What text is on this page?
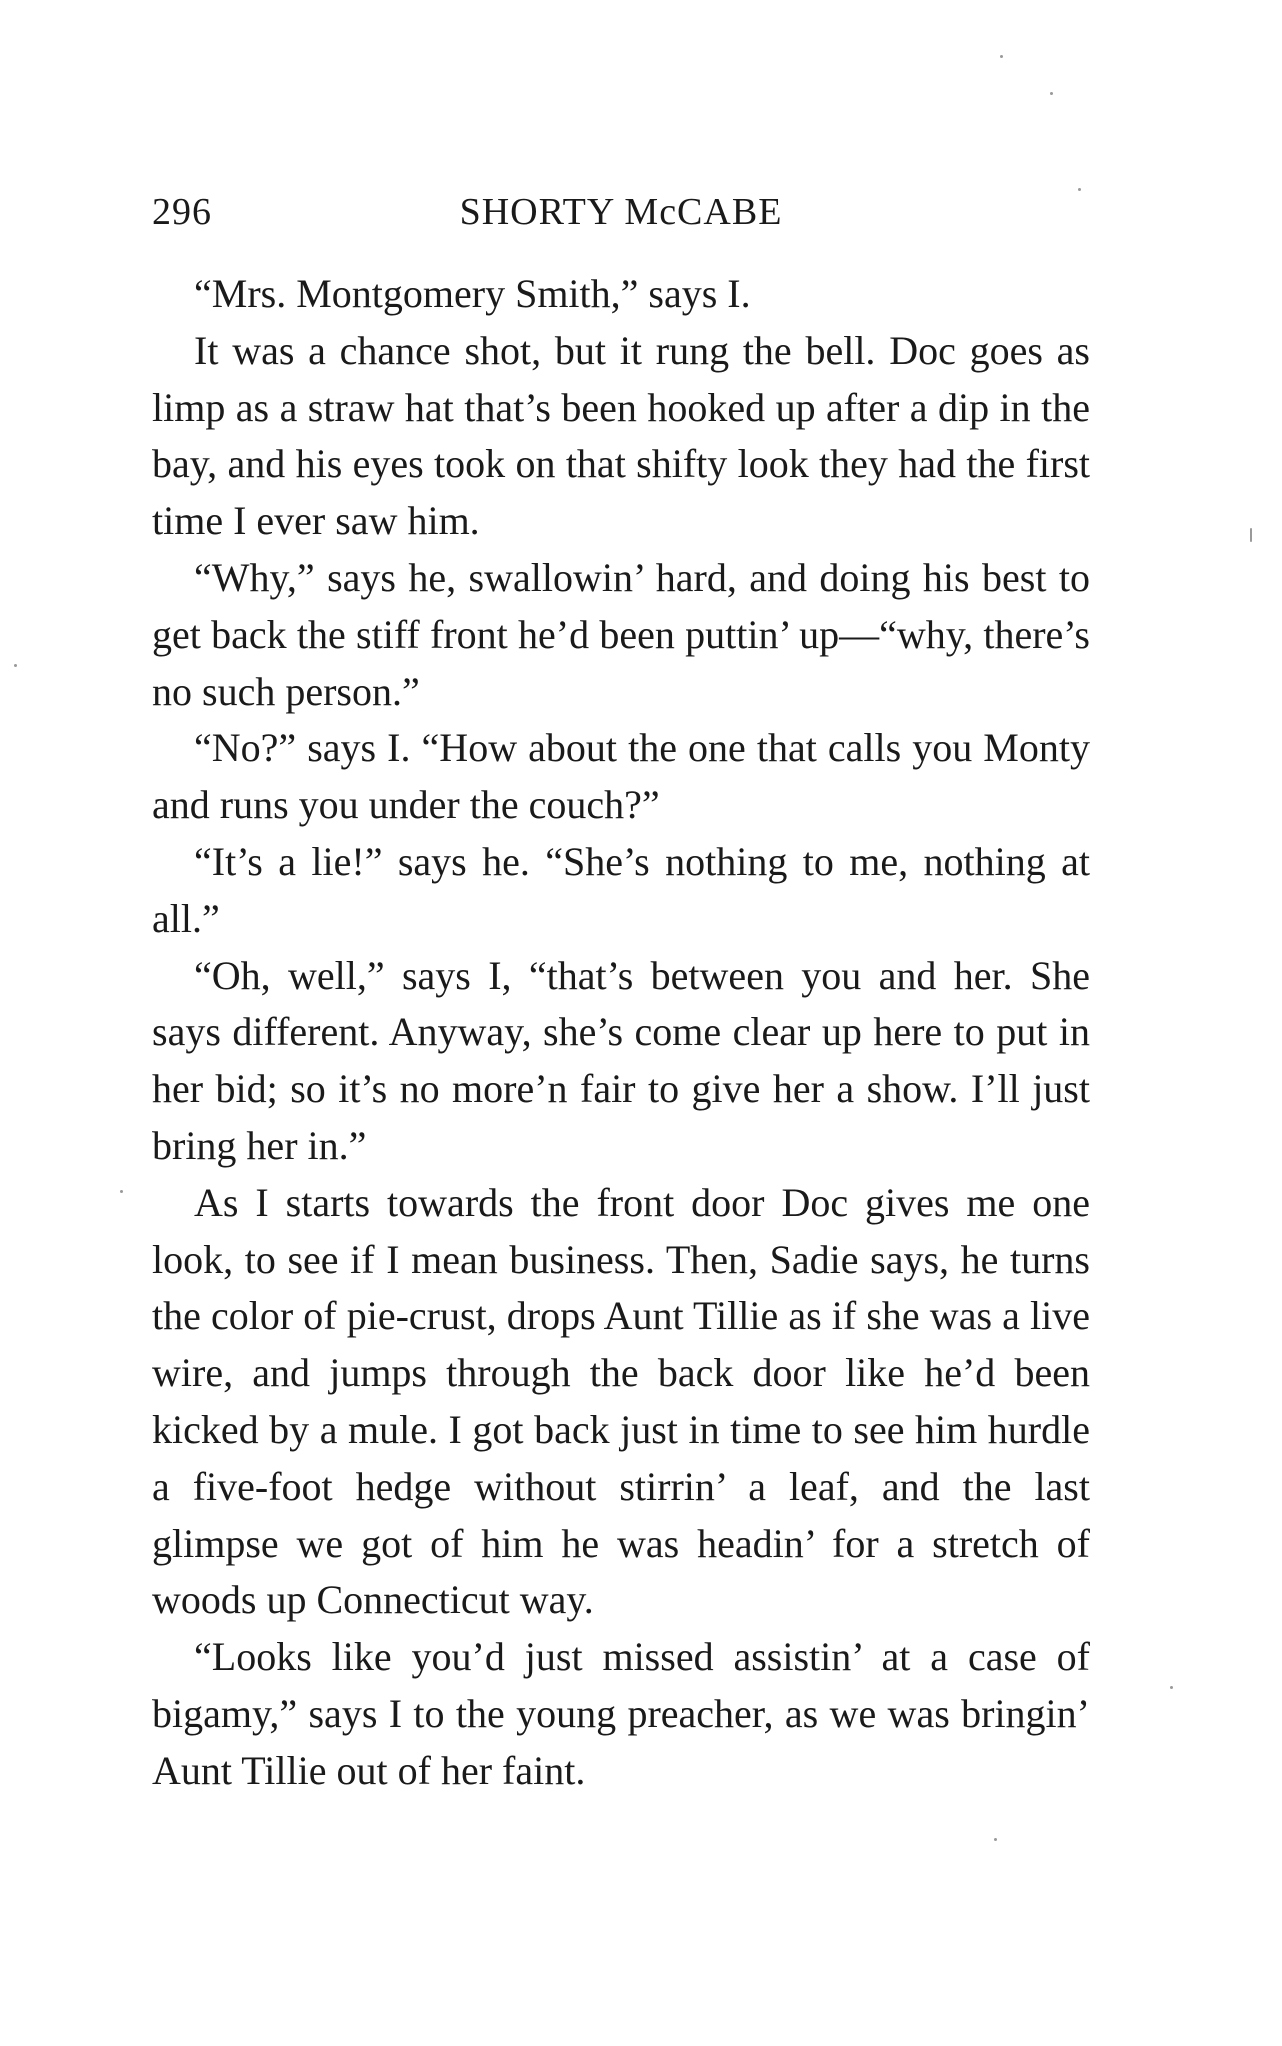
296	SHORTY McCABE

“Mrs. Montgomery Smith,” says I.

It was a chance shot, but it rung the bell. Doc goes as limp as a straw hat that’s been hooked up after a dip in the bay, and his eyes took on that shifty look they had the first time I ever saw him.

“Why,” says he, swallowin’ hard, and doing his best to get back the stiff front he’d been puttin’ up—“why, there’s no such person.”

“No?” says I. “How about the one that calls you Monty and runs you under the couch?”

“It’s a lie!” says he. “She’s nothing to me, nothing at all.”

“Oh, well,” says I, “that’s between you and her. She says different. Anyway, she’s come clear up here to put in her bid; so it’s no more’n fair to give her a show. I’ll just bring her in.”

As I starts towards the front door Doc gives me one look, to see if I mean business. Then, Sadie says, he turns the color of pie-crust, drops Aunt Tillie as if she was a live wire, and jumps through the back door like he’d been kicked by a mule. I got back just in time to see him hurdle a five-foot hedge without stirrin’ a leaf, and the last glimpse we got of him he was headin’ for a stretch of woods up Connecticut way.

“Looks like you’d just missed assistin’ at a case of bigamy,” says I to the young preacher, as we was bringin’ Aunt Tillie out of her faint.
